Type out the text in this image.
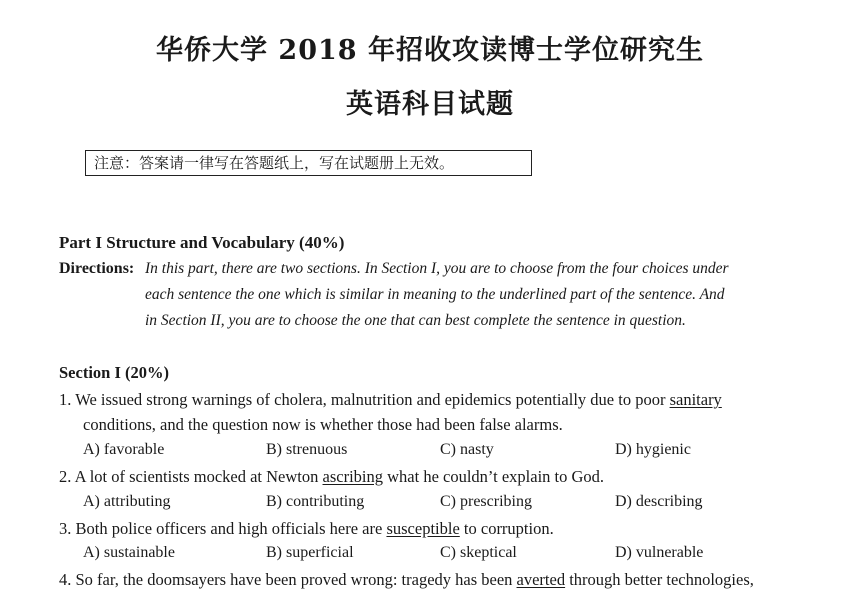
华侨大学 2018 年招收攻读博士学位研究生
英语科目试题
注意：答案请一律写在答题纸上，写在试题册上无效。
Part I Structure and Vocabulary (40%)
Directions: In this part, there are two sections. In Section I, you are to choose from the four choices under
each sentence the one which is similar in meaning to the underlined part of the sentence. And
in Section II, you are to choose the one that can best complete the sentence in question.
Section I (20%)
1. We issued strong warnings of cholera, malnutrition and epidemics potentially due to poor sanitary
conditions, and the question now is whether those had been false alarms.
A) favorable	B) strenuous	C) nasty	D) hygienic
2. A lot of scientists mocked at Newton ascribing what he couldn’t explain to God.
A) attributing	B) contributing	C) prescribing	D) describing
3. Both police officers and high officials here are susceptible to corruption.
A) sustainable	B) superficial	C) skeptical	D) vulnerable
4. So far, the doomsayers have been proved wrong: tragedy has been averted through better technologies,
